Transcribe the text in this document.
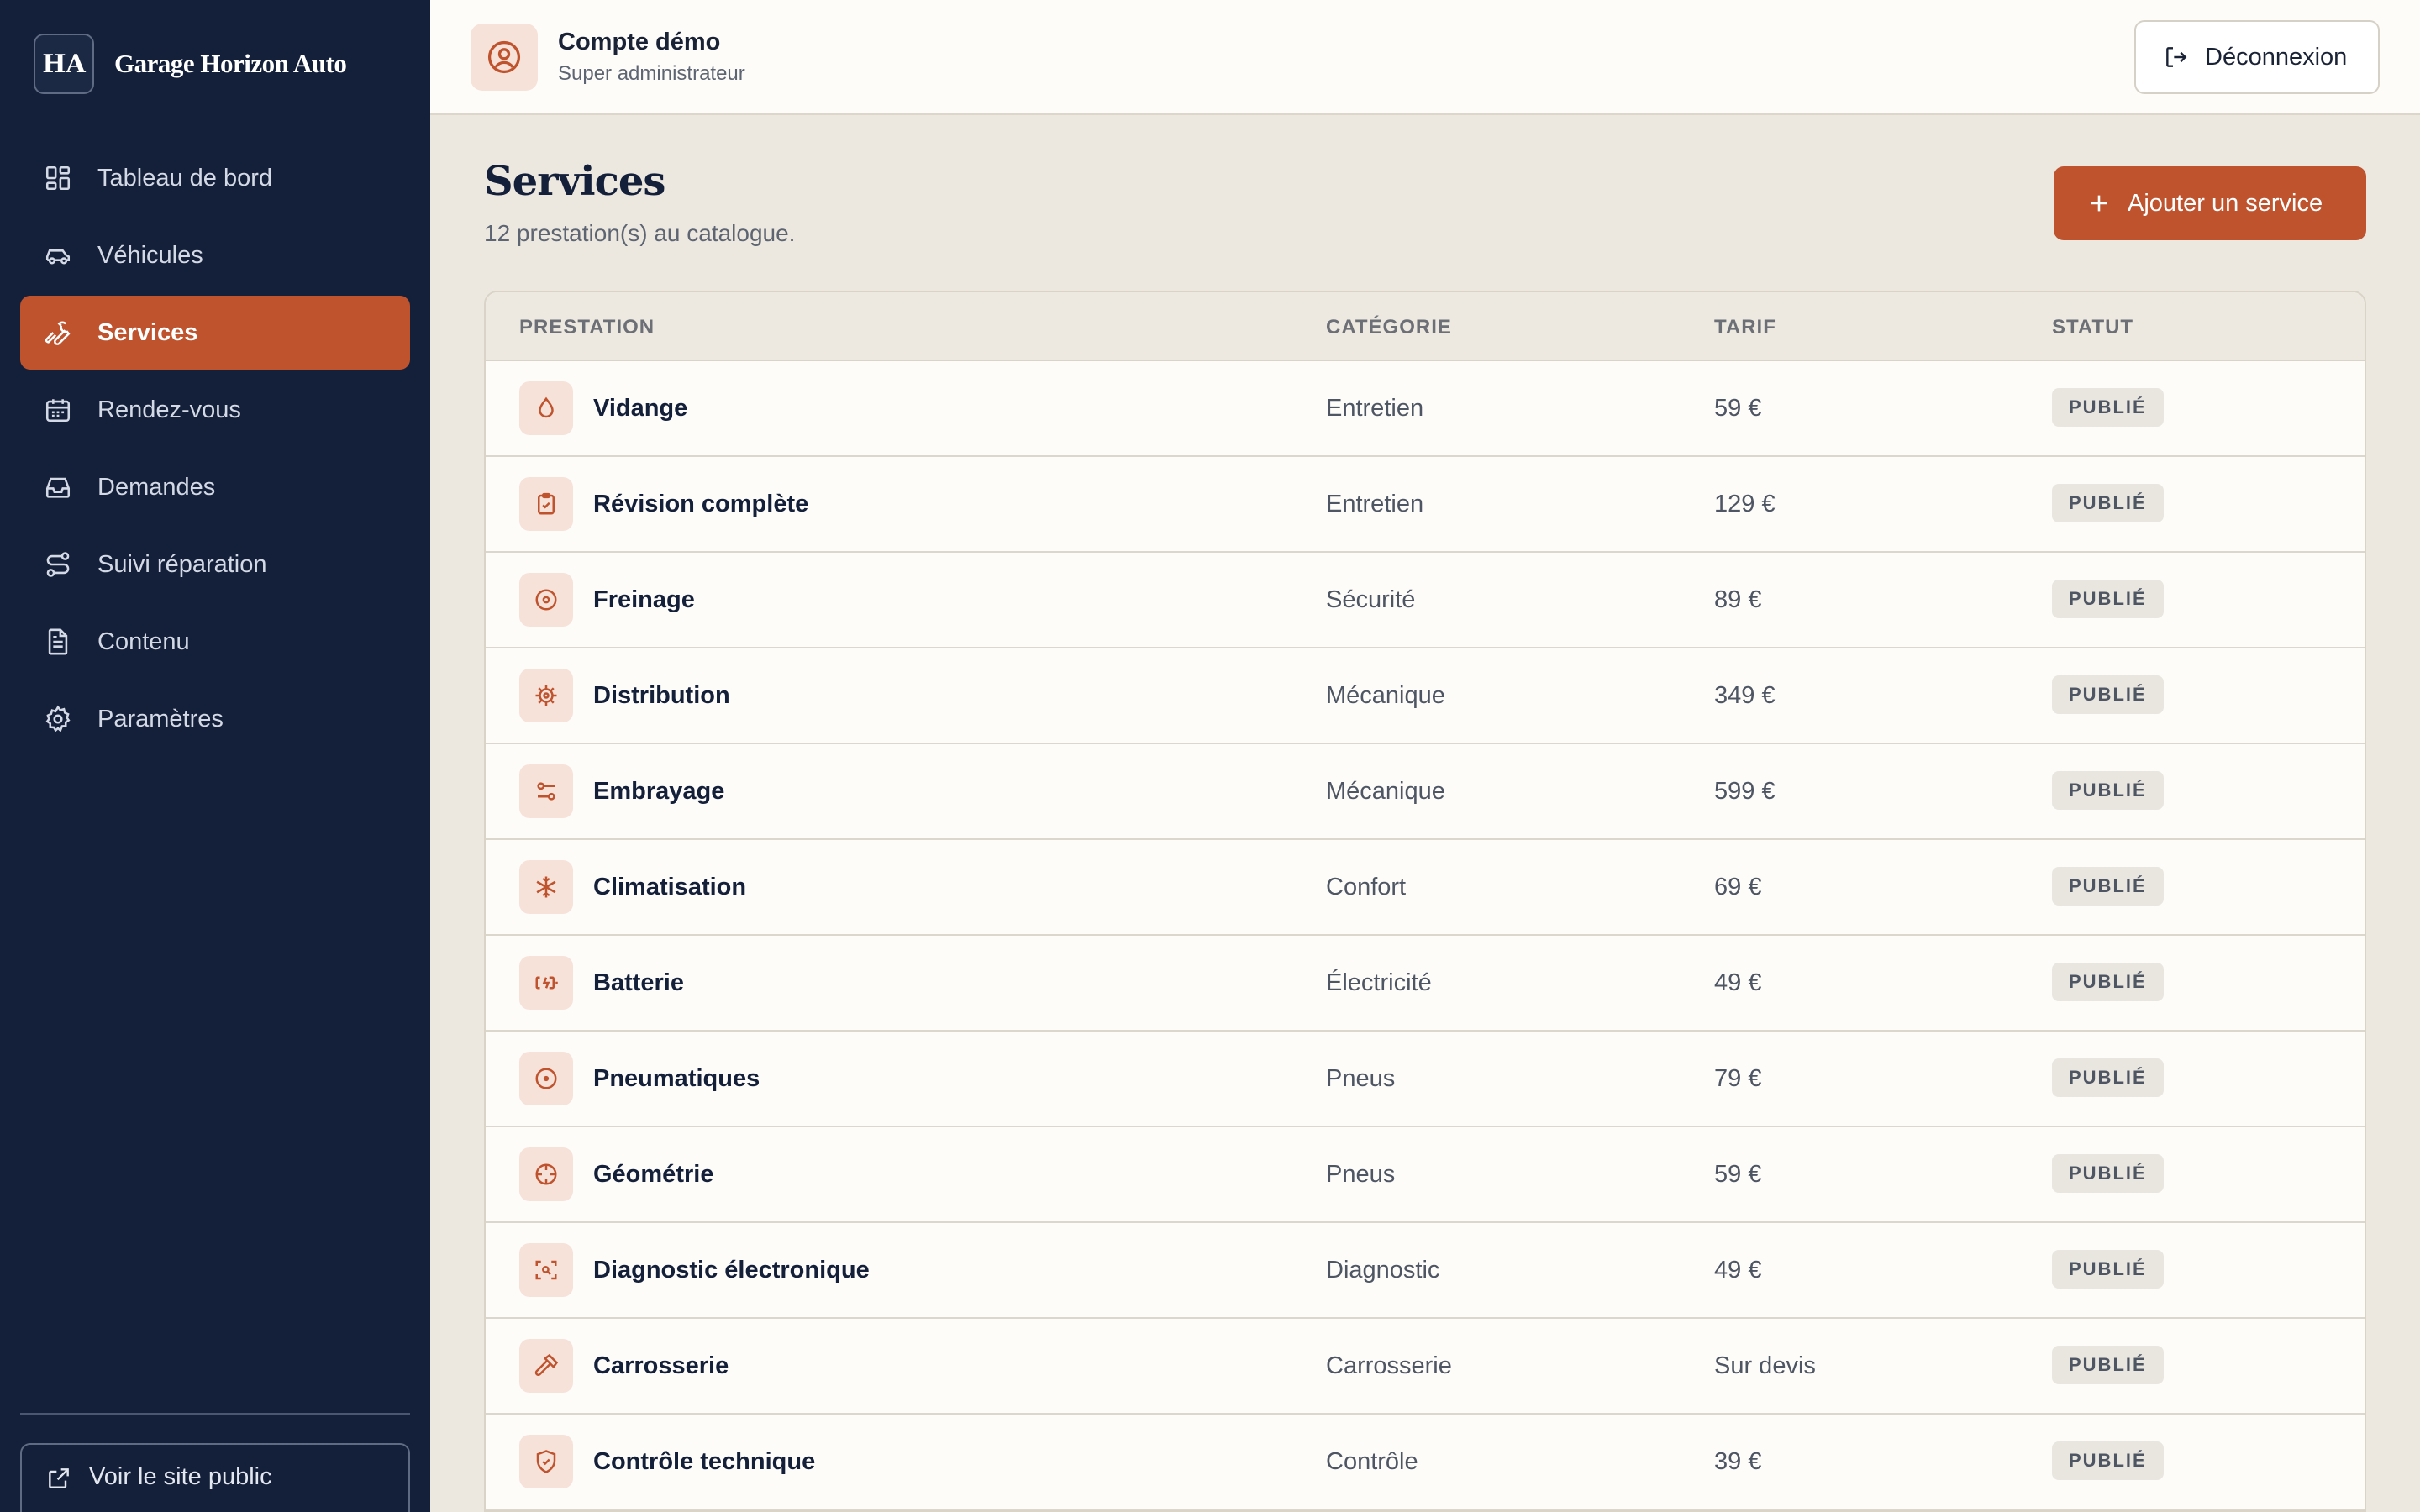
HA	Garage Horizon Auto
Tableau de bord
Véhicules
Services
Rendez-vous
Demandes
Suivi réparation
Contenu
Paramètres
Voir le site public
Compte démo
Super administrateur
Déconnexion
Services
12 prestation(s) au catalogue.
Ajouter un service
PRESTATION	CATÉGORIE	TARIF	STATUT
Vidange	Entretien	59 €	PUBLIÉ
Révision complète	Entretien	129 €	PUBLIÉ
Freinage	Sécurité	89 €	PUBLIÉ
Distribution	Mécanique	349 €	PUBLIÉ
Embrayage	Mécanique	599 €	PUBLIÉ
Climatisation	Confort	69 €	PUBLIÉ
Batterie	Électricité	49 €	PUBLIÉ
Pneumatiques	Pneus	79 €	PUBLIÉ
Géométrie	Pneus	59 €	PUBLIÉ
Diagnostic électronique	Diagnostic	49 €	PUBLIÉ
Carrosserie	Carrosserie	Sur devis	PUBLIÉ
Contrôle technique	Contrôle	39 €	PUBLIÉ
